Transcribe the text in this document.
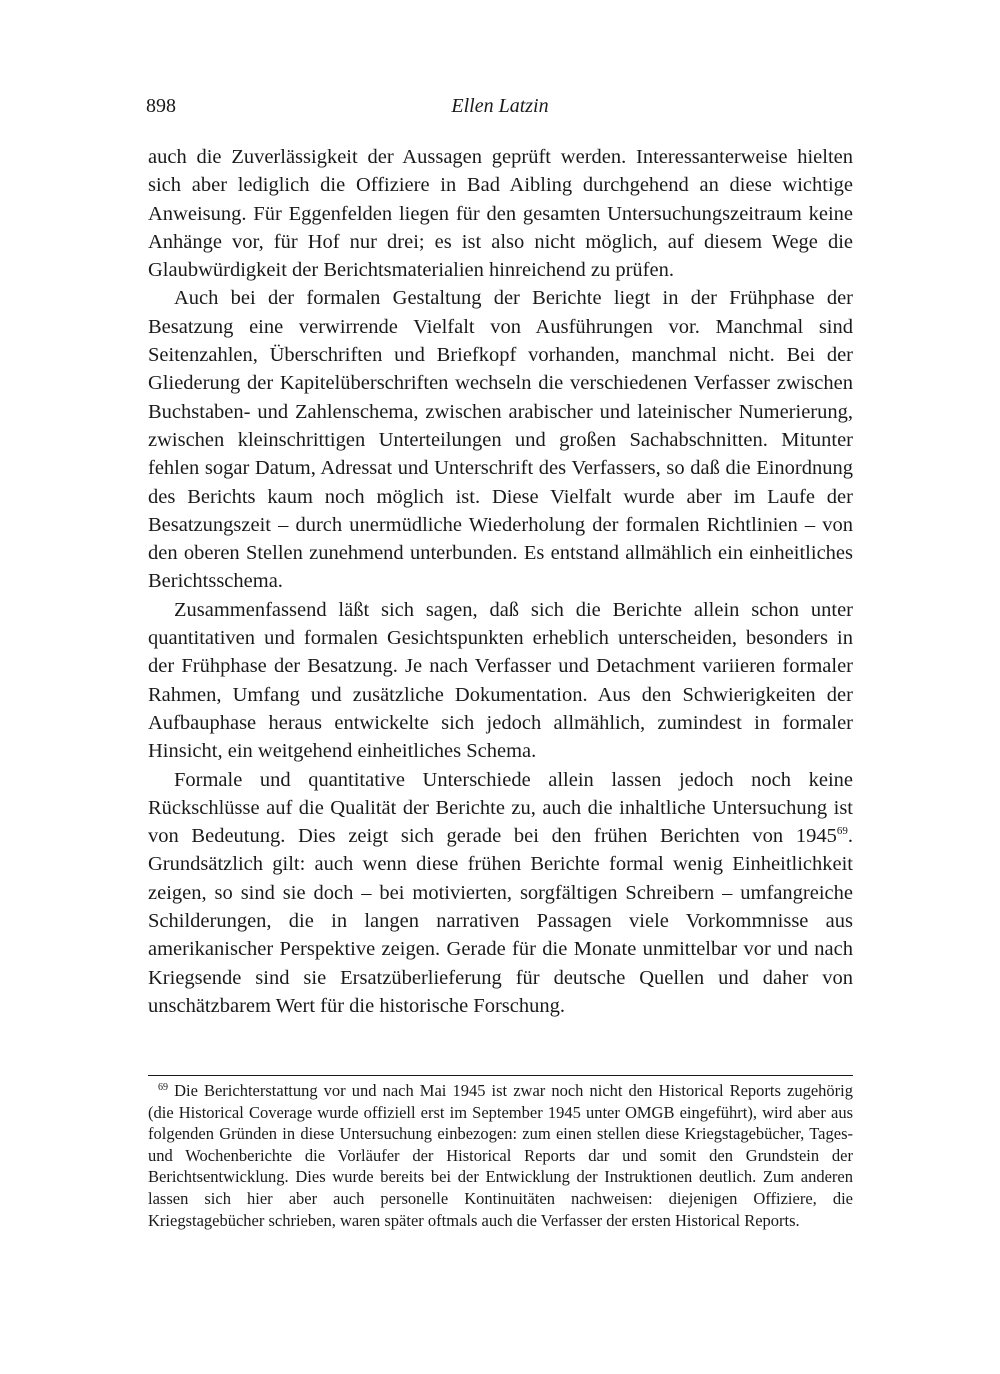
898	Ellen Latzin

auch die Zuverlässigkeit der Aussagen geprüft werden. Interessanterweise hielten sich aber lediglich die Offiziere in Bad Aibling durchgehend an diese wichtige Anweisung. Für Eggenfelden liegen für den gesamten Untersuchungszeitraum keine Anhänge vor, für Hof nur drei; es ist also nicht möglich, auf diesem Wege die Glaubwürdigkeit der Berichtsmaterialien hinreichend zu prüfen.

Auch bei der formalen Gestaltung der Berichte liegt in der Frühphase der Besatzung eine verwirrende Vielfalt von Ausführungen vor. Manchmal sind Seitenzahlen, Überschriften und Briefkopf vorhanden, manchmal nicht. Bei der Gliederung der Kapitelüberschriften wechseln die verschiedenen Verfasser zwischen Buchstaben- und Zahlenschema, zwischen arabischer und lateinischer Numerierung, zwischen kleinschrittigen Unterteilungen und großen Sachabschnitten. Mitunter fehlen sogar Datum, Adressat und Unterschrift des Verfassers, so daß die Einordnung des Berichts kaum noch möglich ist. Diese Vielfalt wurde aber im Laufe der Besatzungszeit – durch unermüdliche Wiederholung der formalen Richtlinien – von den oberen Stellen zunehmend unterbunden. Es entstand allmählich ein einheitliches Berichtsschema.

Zusammenfassend läßt sich sagen, daß sich die Berichte allein schon unter quantitativen und formalen Gesichtspunkten erheblich unterscheiden, besonders in der Frühphase der Besatzung. Je nach Verfasser und Detachment variieren formaler Rahmen, Umfang und zusätzliche Dokumentation. Aus den Schwierigkeiten der Aufbauphase heraus entwickelte sich jedoch allmählich, zumindest in formaler Hinsicht, ein weitgehend einheitliches Schema.

Formale und quantitative Unterschiede allein lassen jedoch noch keine Rückschlüsse auf die Qualität der Berichte zu, auch die inhaltliche Untersuchung ist von Bedeutung. Dies zeigt sich gerade bei den frühen Berichten von 1945$^{69}$. Grundsätzlich gilt: auch wenn diese frühen Berichte formal wenig Einheitlichkeit zeigen, so sind sie doch – bei motivierten, sorgfältigen Schreibern – umfangreiche Schilderungen, die in langen narrativen Passagen viele Vorkommnisse aus amerikanischer Perspektive zeigen. Gerade für die Monate unmittelbar vor und nach Kriegsende sind sie Ersatzüberlieferung für deutsche Quellen und daher von unschätzbarem Wert für die historische Forschung.

$^{69}$ Die Berichterstattung vor und nach Mai 1945 ist zwar noch nicht den Historical Reports zugehörig (die Historical Coverage wurde offiziell erst im September 1945 unter OMGB eingeführt), wird aber aus folgenden Gründen in diese Untersuchung einbezogen: zum einen stellen diese Kriegstagebücher, Tages- und Wochenberichte die Vorläufer der Historical Reports dar und somit den Grundstein der Berichtsentwicklung. Dies wurde bereits bei der Entwicklung der Instruktionen deutlich. Zum anderen lassen sich hier aber auch personelle Kontinuitäten nachweisen: diejenigen Offiziere, die Kriegstagebücher schrieben, waren später oftmals auch die Verfasser der ersten Historical Reports.
